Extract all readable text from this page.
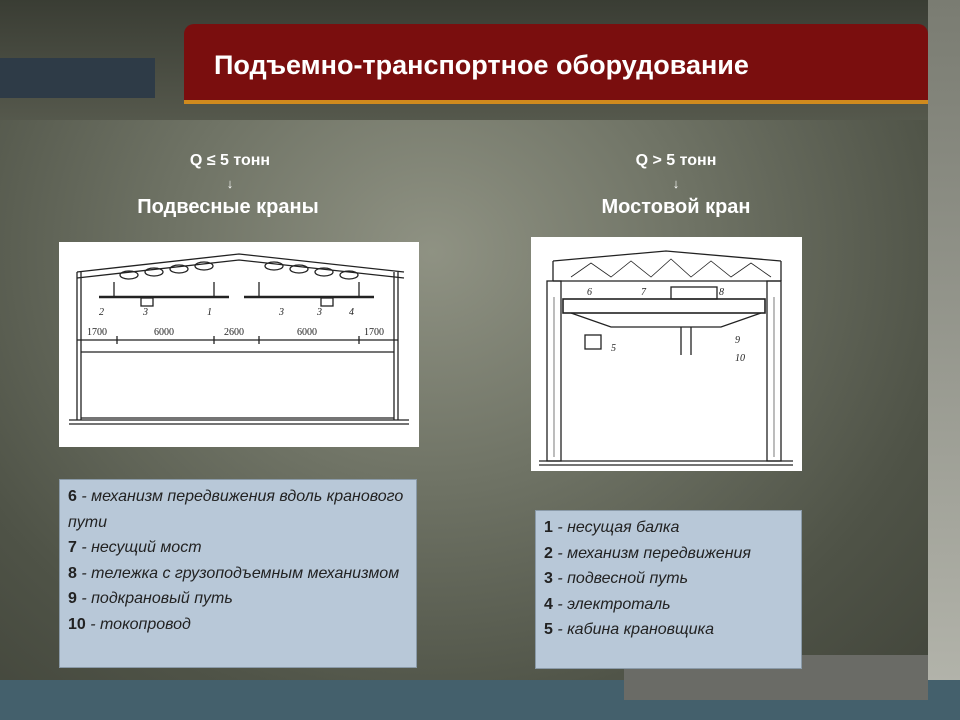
Подъемно-транспортное оборудование
Q ≤ 5 тонн
↓
Подвесные краны
2	3	1	3	3	4
1700	6000	2600	6000	1700
6 - механизм передвижения вдоль кранового пути
7 - несущий мост
8 - тележка с грузоподъемным механизмом
9 - подкрановый путь
10 - токопровод
Q > 5 тонн
↓
Мостовой кран
6	7	8
5
9
10
1 - несущая балка
2 - механизм передвижения
3 - подвесной путь
4 - электроталь
5 - кабина крановщика
